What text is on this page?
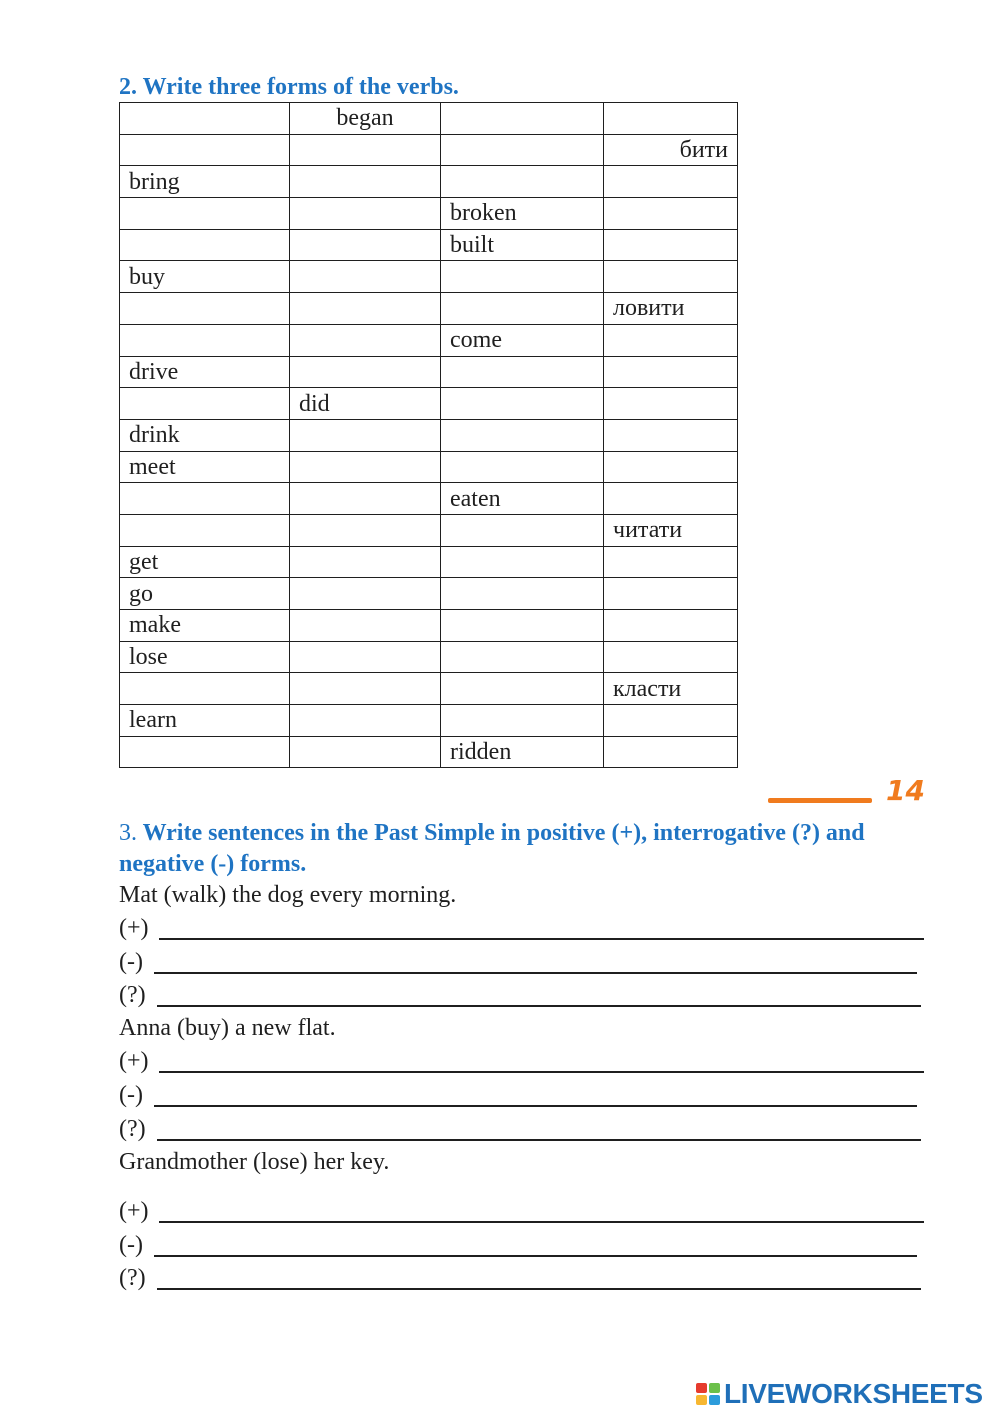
2. Write three forms of the verbs.
	began		
			бити
bring			
		broken	
		built	
buy			
			ловити
		come	
drive			
	did		
drink			
meet			
		eaten	
			читати
get			
go			
make			
lose			
			класти
learn			
		ridden	
14
3. Write sentences in the Past Simple in positive (+), interrogative (?) and negative (-) forms.
Mat (walk) the dog every morning.
(+)
(-)
(?)
Anna (buy) a new flat.
(+)
(-)
(?)
Grandmother (lose) her key.
(+)
(-)
(?)
LIVEWORKSHEETS
